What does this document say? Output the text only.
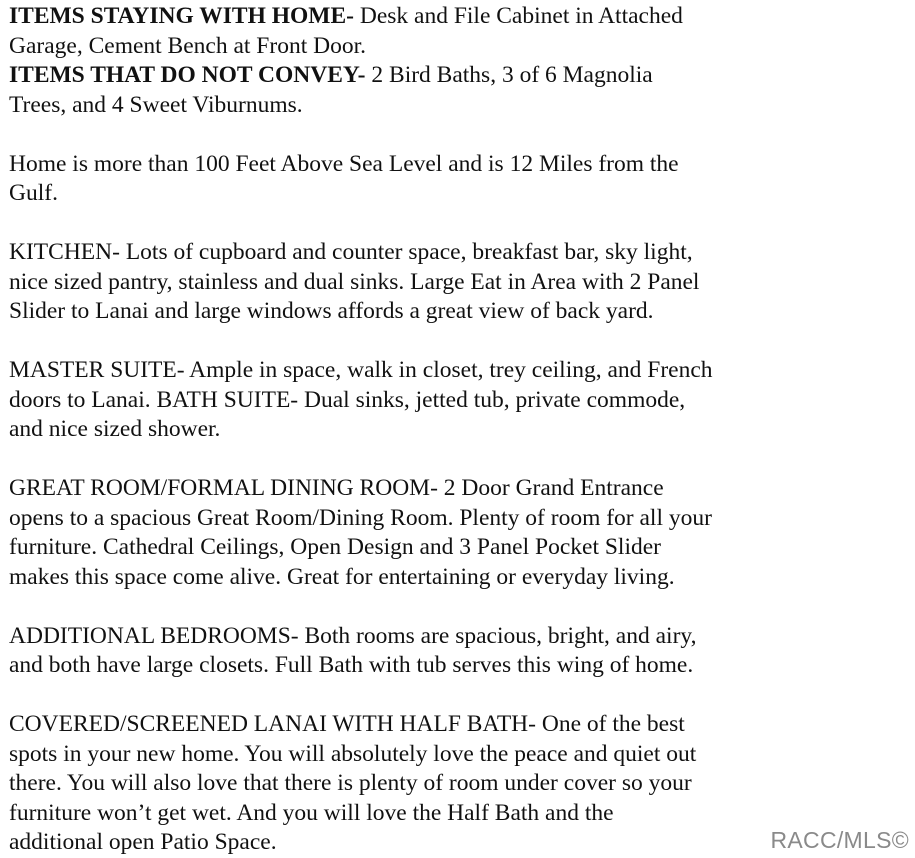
ITEMS STAYING WITH HOME- Desk and File Cabinet in Attached
Garage, Cement Bench at Front Door.
ITEMS THAT DO NOT CONVEY- 2 Bird Baths, 3 of 6 Magnolia
Trees, and 4 Sweet Viburnums.
Home is more than 100 Feet Above Sea Level and is 12 Miles from the
Gulf.
KITCHEN- Lots of cupboard and counter space, breakfast bar, sky light,
nice sized pantry, stainless and dual sinks. Large Eat in Area with 2 Panel
Slider to Lanai and large windows affords a great view of back yard.
MASTER SUITE- Ample in space, walk in closet, trey ceiling, and French
doors to Lanai. BATH SUITE- Dual sinks, jetted tub, private commode,
and nice sized shower.
GREAT ROOM/FORMAL DINING ROOM- 2 Door Grand Entrance
opens to a spacious Great Room/Dining Room. Plenty of room for all your
furniture. Cathedral Ceilings, Open Design and 3 Panel Pocket Slider
makes this space come alive. Great for entertaining or everyday living.
ADDITIONAL BEDROOMS- Both rooms are spacious, bright, and airy,
and both have large closets. Full Bath with tub serves this wing of home.
COVERED/SCREENED LANAI WITH HALF BATH- One of the best
spots in your new home. You will absolutely love the peace and quiet out
there. You will also love that there is plenty of room under cover so your
furniture won’t get wet. And you will love the Half Bath and the
additional open Patio Space.	RACC/MLS©
